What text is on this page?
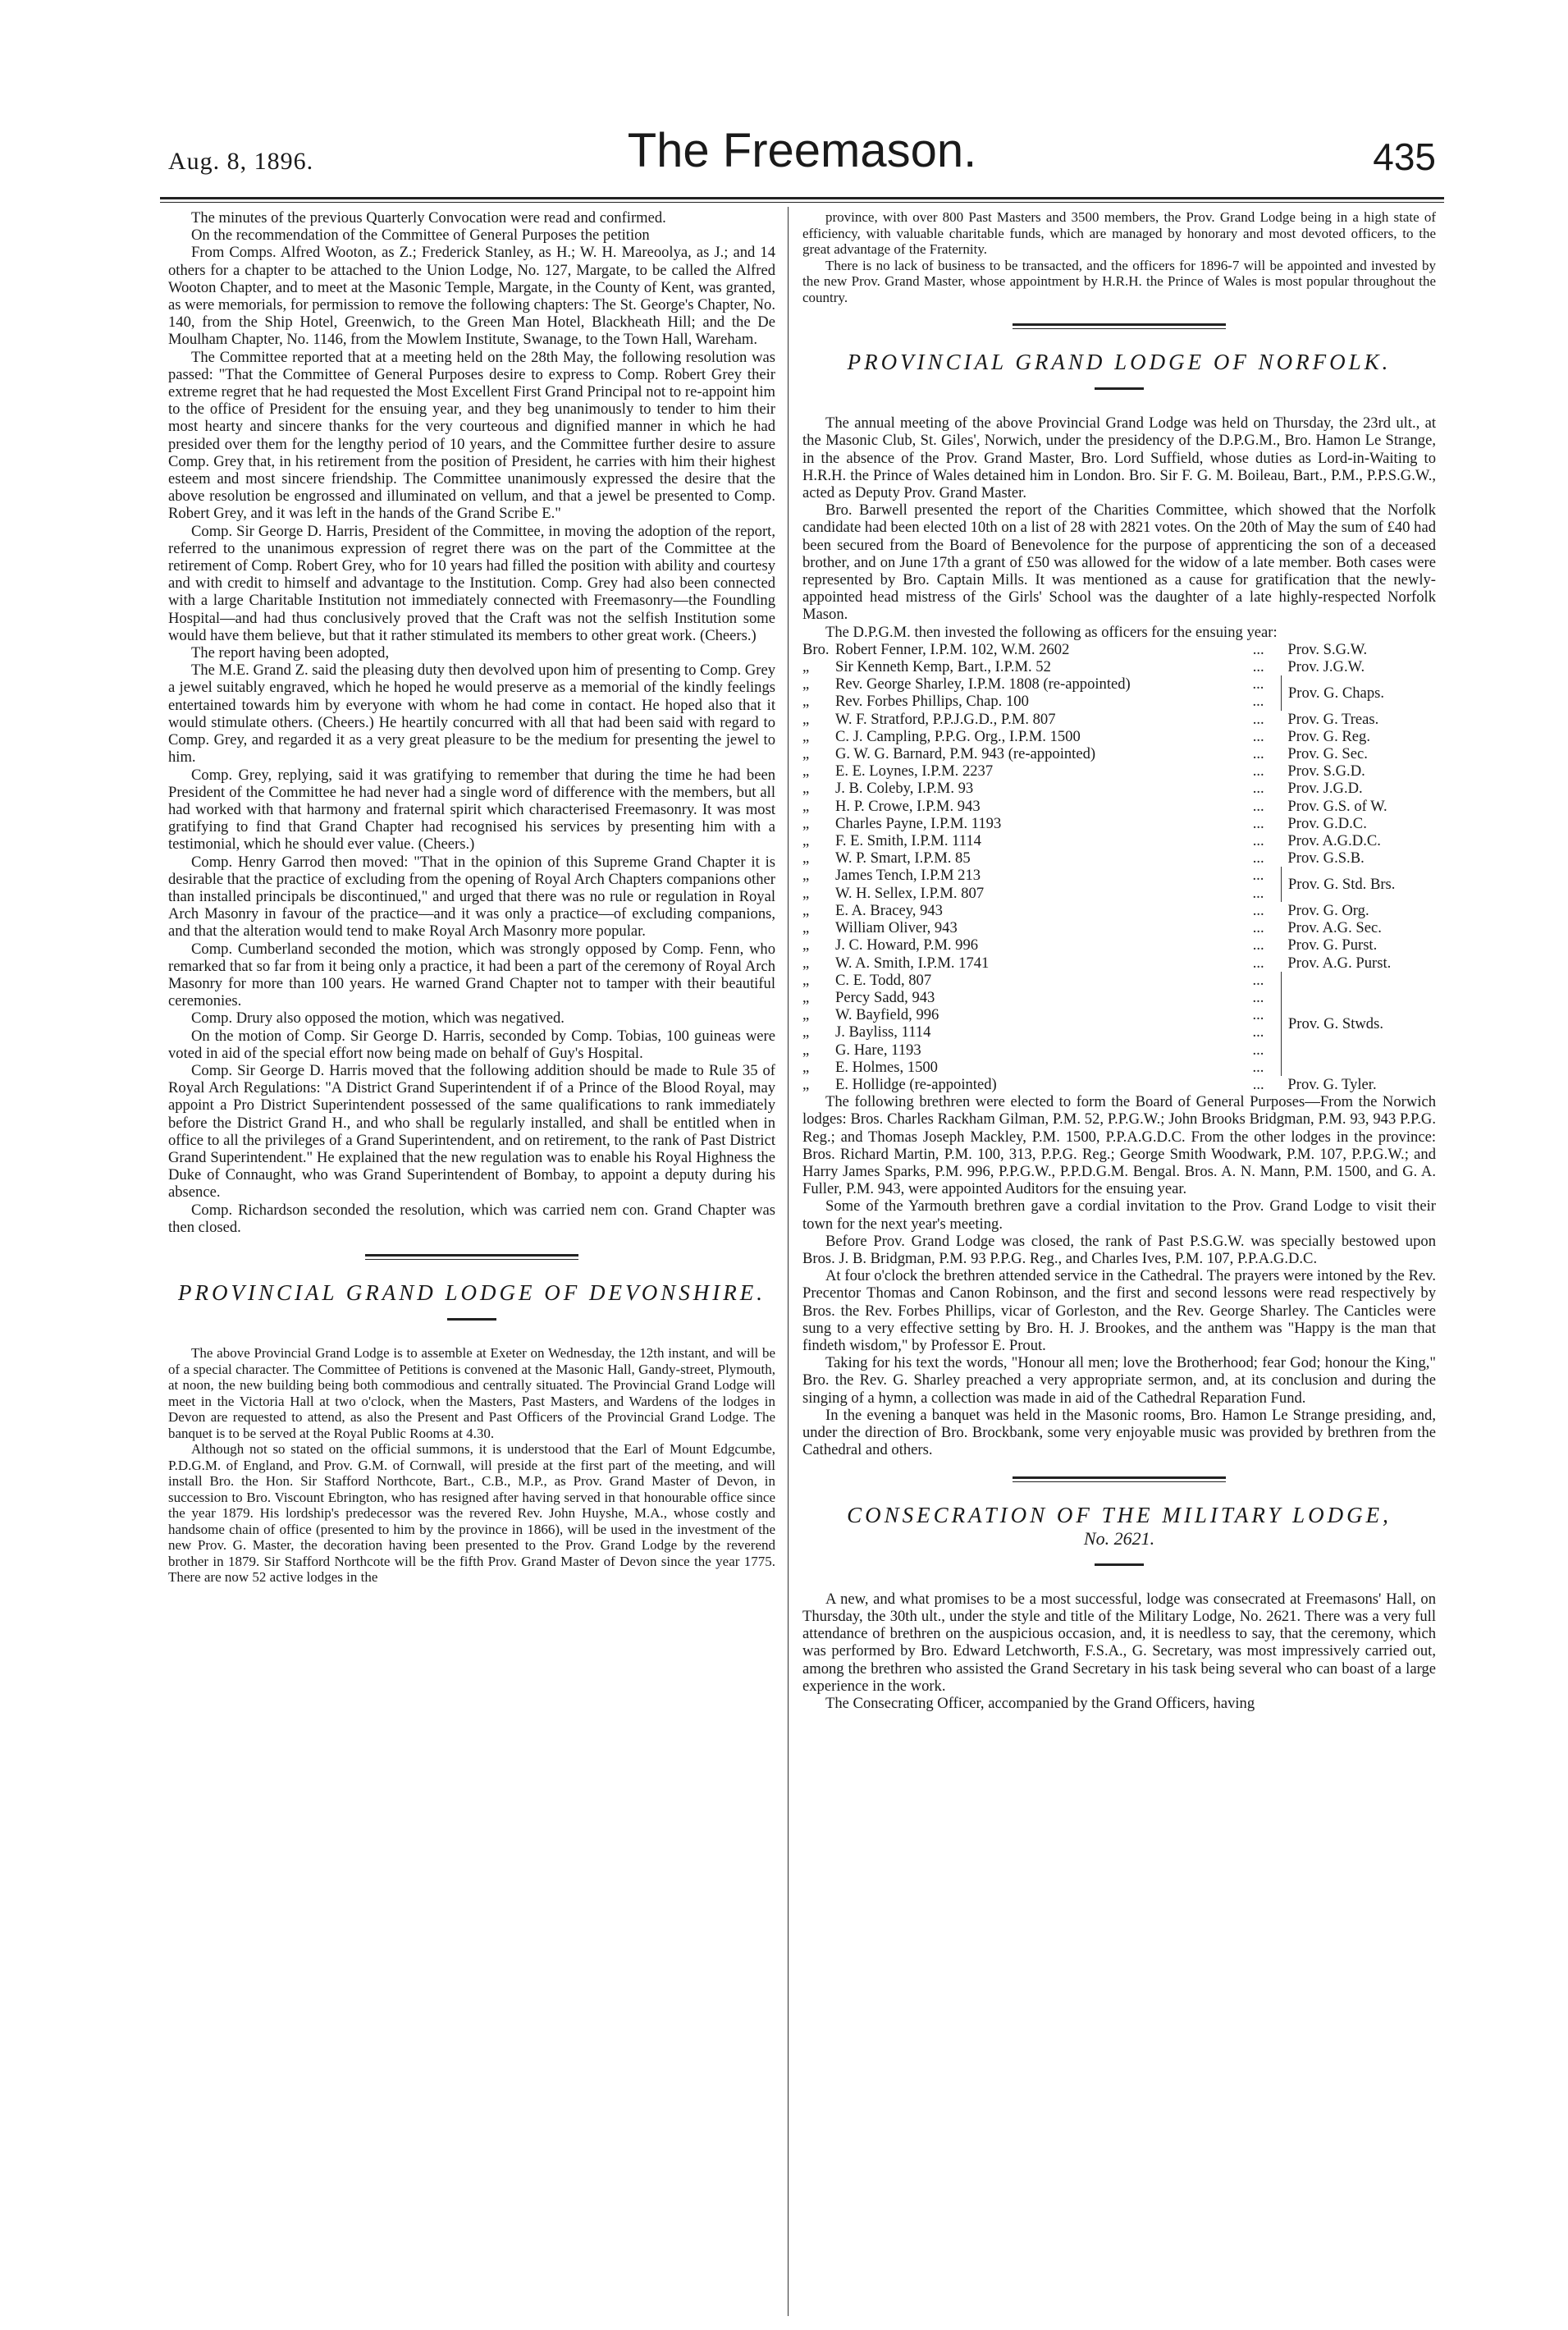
Aug. 8, 1896.	The Freemason.	435

The minutes of the previous Quarterly Convocation were read and confirmed.

On the recommendation of the Committee of General Purposes the petition

From Comps. Alfred Wooton, as Z.; Frederick Stanley, as H.; W. H. Mareoolya, as J.; and 14 others for a chapter to be attached to the Union Lodge, No. 127, Margate, to be called the Alfred Wooton Chapter, and to meet at the Masonic Temple, Margate, in the County of Kent, was granted, as were memorials, for permission to remove the following chapters: The St. George's Chapter, No. 140, from the Ship Hotel, Greenwich, to the Green Man Hotel, Blackheath Hill; and the De Moulham Chapter, No. 1146, from the Mowlem Institute, Swanage, to the Town Hall, Wareham.

The Committee reported that at a meeting held on the 28th May, the following resolution was passed: "That the Committee of General Purposes desire to express to Comp. Robert Grey their extreme regret that he had requested the Most Excellent First Grand Principal not to re-appoint him to the office of President for the ensuing year, and they beg unanimously to tender to him their most hearty and sincere thanks for the very courteous and dignified manner in which he had presided over them for the lengthy period of 10 years, and the Committee further desire to assure Comp. Grey that, in his retirement from the position of President, he carries with him their highest esteem and most sincere friendship. The Committee unanimously expressed the desire that the above resolution be engrossed and illuminated on vellum, and that a jewel be presented to Comp. Robert Grey, and it was left in the hands of the Grand Scribe E."

Comp. Sir George D. Harris, President of the Committee, in moving the adoption of the report, referred to the unanimous expression of regret there was on the part of the Committee at the retirement of Comp. Robert Grey, who for 10 years had filled the position with ability and courtesy and with credit to himself and advantage to the Institution. Comp. Grey had also been connected with a large Charitable Institution not immediately connected with Freemasonry—the Foundling Hospital—and had thus conclusively proved that the Craft was not the selfish Institution some would have them believe, but that it rather stimulated its members to other great work. (Cheers.)

The report having been adopted,

The M.E. Grand Z. said the pleasing duty then devolved upon him of presenting to Comp. Grey a jewel suitably engraved, which he hoped he would preserve as a memorial of the kindly feelings entertained towards him by everyone with whom he had come in contact. He hoped also that it would stimulate others. (Cheers.) He heartily concurred with all that had been said with regard to Comp. Grey, and regarded it as a very great pleasure to be the medium for presenting the jewel to him.

Comp. Grey, replying, said it was gratifying to remember that during the time he had been President of the Committee he had never had a single word of difference with the members, but all had worked with that harmony and fraternal spirit which characterised Freemasonry. It was most gratifying to find that Grand Chapter had recognised his services by presenting him with a testimonial, which he should ever value. (Cheers.)

Comp. Henry Garrod then moved: "That in the opinion of this Supreme Grand Chapter it is desirable that the practice of excluding from the opening of Royal Arch Chapters companions other than installed principals be discontinued," and urged that there was no rule or regulation in Royal Arch Masonry in favour of the practice—and it was only a practice—of excluding companions, and that the alteration would tend to make Royal Arch Masonry more popular.

Comp. Cumberland seconded the motion, which was strongly opposed by Comp. Fenn, who remarked that so far from it being only a practice, it had been a part of the ceremony of Royal Arch Masonry for more than 100 years. He warned Grand Chapter not to tamper with their beautiful ceremonies.

Comp. Drury also opposed the motion, which was negatived.

On the motion of Comp. Sir George D. Harris, seconded by Comp. Tobias, 100 guineas were voted in aid of the special effort now being made on behalf of Guy's Hospital.

Comp. Sir George D. Harris moved that the following addition should be made to Rule 35 of Royal Arch Regulations: "A District Grand Superintendent if of a Prince of the Blood Royal, may appoint a Pro District Superintendent possessed of the same qualifications to rank immediately before the District Grand H., and who shall be regularly installed, and shall be entitled when in office to all the privileges of a Grand Superintendent, and on retirement, to the rank of Past District Grand Superintendent." He explained that the new regulation was to enable his Royal Highness the Duke of Connaught, who was Grand Superintendent of Bombay, to appoint a deputy during his absence.

Comp. Richardson seconded the resolution, which was carried nem con. Grand Chapter was then closed.

PROVINCIAL GRAND LODGE OF DEVONSHIRE.

The above Provincial Grand Lodge is to assemble at Exeter on Wednesday, the 12th instant, and will be of a special character. The Committee of Petitions is convened at the Masonic Hall, Gandy-street, Plymouth, at noon, the new building being both commodious and centrally situated. The Provincial Grand Lodge will meet in the Victoria Hall at two o'clock, when the Masters, Past Masters, and Wardens of the lodges in Devon are requested to attend, as also the Present and Past Officers of the Provincial Grand Lodge. The banquet is to be served at the Royal Public Rooms at 4.30.

Although not so stated on the official summons, it is understood that the Earl of Mount Edgcumbe, P.D.G.M. of England, and Prov. G.M. of Cornwall, will preside at the first part of the meeting, and will install Bro. the Hon. Sir Stafford Northcote, Bart., C.B., M.P., as Prov. Grand Master of Devon, in succession to Bro. Viscount Ebrington, who has resigned after having served in that honourable office since the year 1879. His lordship's predecessor was the revered Rev. John Huyshe, M.A., whose costly and handsome chain of office (presented to him by the province in 1866), will be used in the investment of the new Prov. G. Master, the decoration having been presented to the Prov. Grand Lodge by the reverend brother in 1879. Sir Stafford Northcote will be the fifth Prov. Grand Master of Devon since the year 1775. There are now 52 active lodges in the

province, with over 800 Past Masters and 3500 members, the Prov. Grand Lodge being in a high state of efficiency, with valuable charitable funds, which are managed by honorary and most devoted officers, to the great advantage of the Fraternity.

There is no lack of business to be transacted, and the officers for 1896-7 will be appointed and invested by the new Prov. Grand Master, whose appointment by H.R.H. the Prince of Wales is most popular throughout the country.

PROVINCIAL GRAND LODGE OF NORFOLK.

The annual meeting of the above Provincial Grand Lodge was held on Thursday, the 23rd ult., at the Masonic Club, St. Giles', Norwich, under the presidency of the D.P.G.M., Bro. Hamon Le Strange, in the absence of the Prov. Grand Master, Bro. Lord Suffield, whose duties as Lord-in-Waiting to H.R.H. the Prince of Wales detained him in London. Bro. Sir F. G. M. Boileau, Bart., P.M., P.P.S.G.W., acted as Deputy Prov. Grand Master.

Bro. Barwell presented the report of the Charities Committee, which showed that the Norfolk candidate had been elected 10th on a list of 28 with 2821 votes. On the 20th of May the sum of £40 had been secured from the Board of Benevolence for the purpose of apprenticing the son of a deceased brother, and on June 17th a grant of £50 was allowed for the widow of a late member. Both cases were represented by Bro. Captain Mills. It was mentioned as a cause for gratification that the newly-appointed head mistress of the Girls' School was the daughter of a late highly-respected Norfolk Mason.

The D.P.G.M. then invested the following as officers for the ensuing year:

Bro.	Robert Fenner, I.P.M. 102, W.M. 2602	...	Prov. S.G.W.
„	Sir Kenneth Kemp, Bart., I.P.M. 52	...	Prov. J.G.W.
„	Rev. George Sharley, I.P.M. 1808 (re-appointed)	...	Prov. G. Chaps.
„	Rev. Forbes Phillips, Chap. 100	...	
„	W. F. Stratford, P.P.J.G.D., P.M. 807	...	Prov. G. Treas.
„	C. J. Campling, P.P.G. Org., I.P.M. 1500	...	Prov. G. Reg.
„	G. W. G. Barnard, P.M. 943 (re-appointed)	...	Prov. G. Sec.
„	E. E. Loynes, I.P.M. 2237	...	Prov. S.G.D.
„	J. B. Coleby, I.P.M. 93	...	Prov. J.G.D.
„	H. P. Crowe, I.P.M. 943	...	Prov. G.S. of W.
„	Charles Payne, I.P.M. 1193	...	Prov. G.D.C.
„	F. E. Smith, I.P.M. 1114	...	Prov. A.G.D.C.
„	W. P. Smart, I.P.M. 85	...	Prov. G.S.B.
„	James Tench, I.P.M 213	...	Prov. G. Std. Brs.
„	W. H. Sellex, I.P.M. 807	...	
„	E. A. Bracey, 943	...	Prov. G. Org.
„	William Oliver, 943	...	Prov. A.G. Sec.
„	J. C. Howard, P.M. 996	...	Prov. G. Purst.
„	W. A. Smith, I.P.M. 1741	...	Prov. A.G. Purst.
„	C. E. Todd, 807	...	Prov. G. Stwds.
„	Percy Sadd, 943	...	
„	W. Bayfield, 996	...	
„	J. Bayliss, 1114	...	
„	G. Hare, 1193	...	
„	E. Holmes, 1500	...	
„	E. Hollidge (re-appointed)	...	Prov. G. Tyler.

The following brethren were elected to form the Board of General Purposes—From the Norwich lodges: Bros. Charles Rackham Gilman, P.M. 52, P.P.G.W.; John Brooks Bridgman, P.M. 93, 943 P.P.G. Reg.; and Thomas Joseph Mackley, P.M. 1500, P.P.A.G.D.C. From the other lodges in the province: Bros. Richard Martin, P.M. 100, 313, P.P.G. Reg.; George Smith Woodwark, P.M. 107, P.P.G.W.; and Harry James Sparks, P.M. 996, P.P.G.W., P.P.D.G.M. Bengal. Bros. A. N. Mann, P.M. 1500, and G. A. Fuller, P.M. 943, were appointed Auditors for the ensuing year.

Some of the Yarmouth brethren gave a cordial invitation to the Prov. Grand Lodge to visit their town for the next year's meeting.

Before Prov. Grand Lodge was closed, the rank of Past P.S.G.W. was specially bestowed upon Bros. J. B. Bridgman, P.M. 93 P.P.G. Reg., and Charles Ives, P.M. 107, P.P.A.G.D.C.

At four o'clock the brethren attended service in the Cathedral. The prayers were intoned by the Rev. Precentor Thomas and Canon Robinson, and the first and second lessons were read respectively by Bros. the Rev. Forbes Phillips, vicar of Gorleston, and the Rev. George Sharley. The Canticles were sung to a very effective setting by Bro. H. J. Brookes, and the anthem was "Happy is the man that findeth wisdom," by Professor E. Prout.

Taking for his text the words, "Honour all men; love the Brotherhood; fear God; honour the King," Bro. the Rev. G. Sharley preached a very appropriate sermon, and, at its conclusion and during the singing of a hymn, a collection was made in aid of the Cathedral Reparation Fund.

In the evening a banquet was held in the Masonic rooms, Bro. Hamon Le Strange presiding, and, under the direction of Bro. Brockbank, some very enjoyable music was provided by brethren from the Cathedral and others.

CONSECRATION OF THE MILITARY LODGE,
No. 2621.

A new, and what promises to be a most successful, lodge was consecrated at Freemasons' Hall, on Thursday, the 30th ult., under the style and title of the Military Lodge, No. 2621. There was a very full attendance of brethren on the auspicious occasion, and, it is needless to say, that the ceremony, which was performed by Bro. Edward Letchworth, F.S.A., G. Secretary, was most impressively carried out, among the brethren who assisted the Grand Secretary in his task being several who can boast of a large experience in the work.

The Consecrating Officer, accompanied by the Grand Officers, having
